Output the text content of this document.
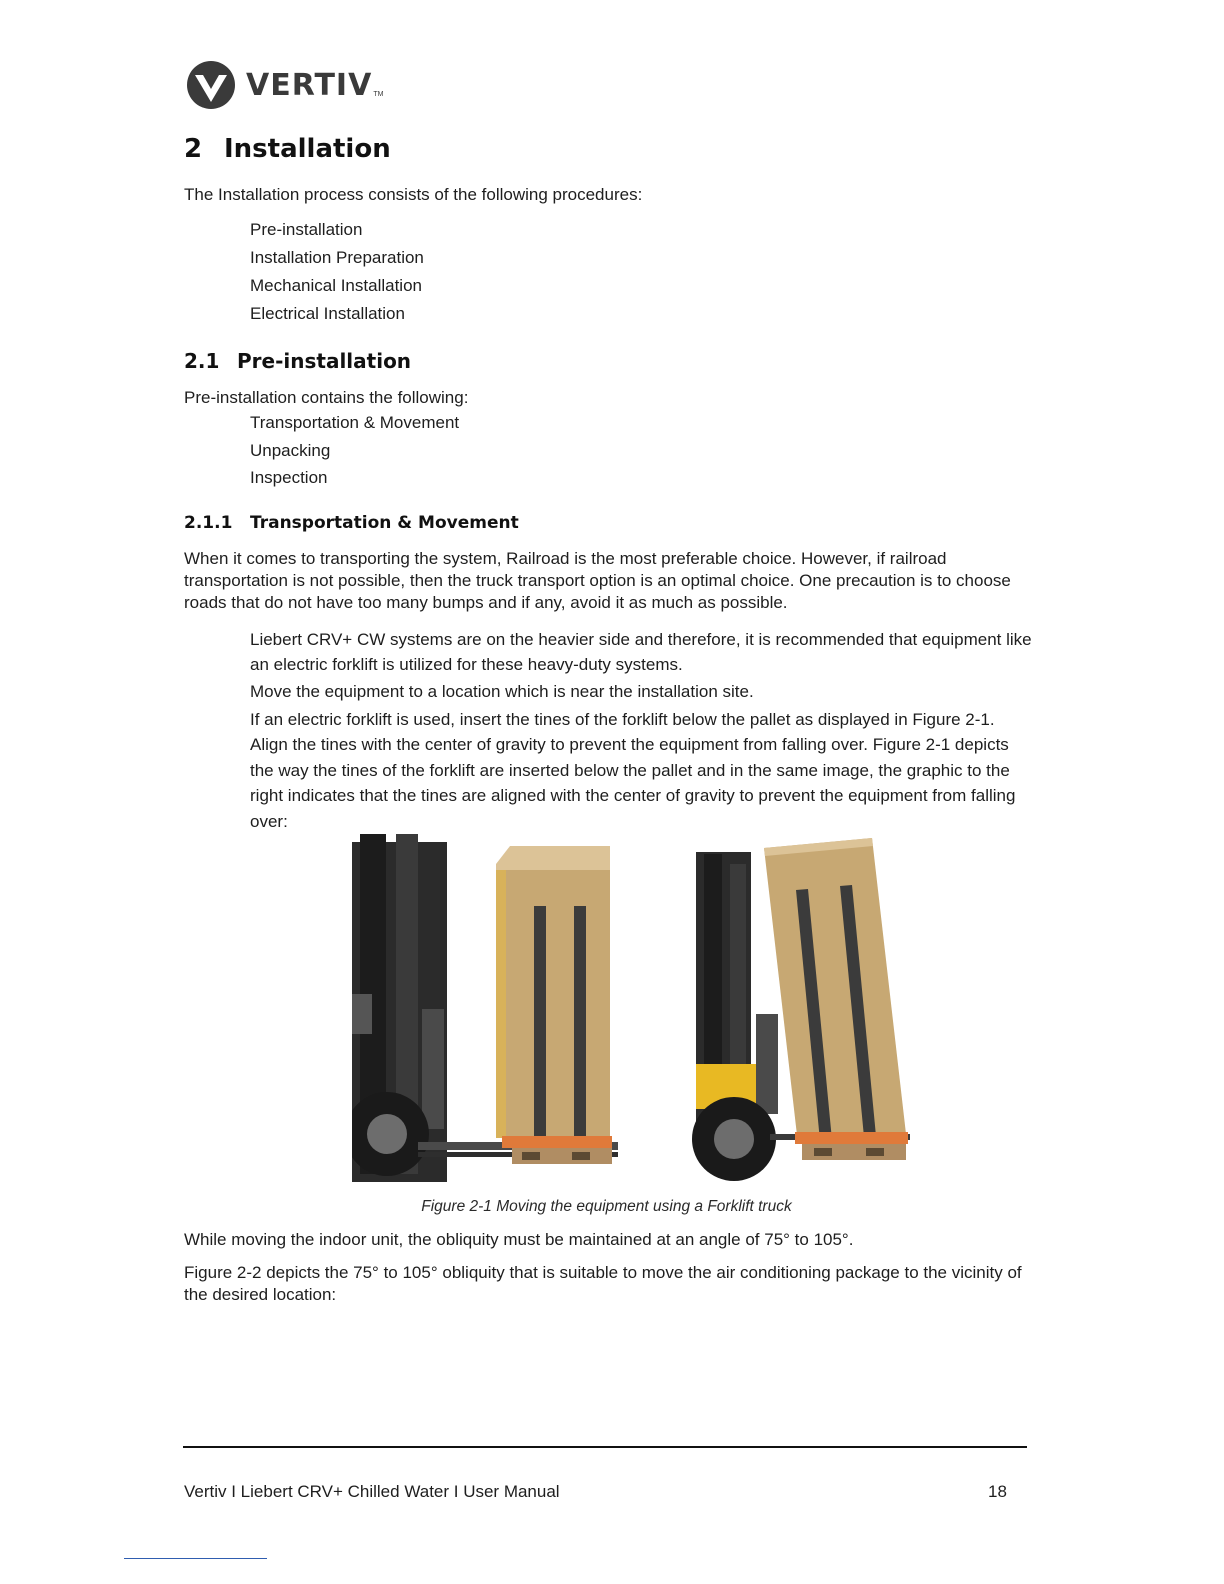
VERTIV TM
2 Installation
The Installation process consists of the following procedures:
Pre-installation
Installation Preparation
Mechanical Installation
Electrical Installation
2.1 Pre-installation
Pre-installation contains the following:
Transportation & Movement
Unpacking
Inspection
2.1.1 Transportation & Movement
When it comes to transporting the system, Railroad is the most preferable choice. However, if railroad transportation is not possible, then the truck transport option is an optimal choice. One precaution is to choose roads that do not have too many bumps and if any, avoid it as much as possible.
Liebert CRV+ CW systems are on the heavier side and therefore, it is recommended that equipment like an electric forklift is utilized for these heavy-duty systems.
Move the equipment to a location which is near the installation site.
If an electric forklift is used, insert the tines of the forklift below the pallet as displayed in Figure 2-1. Align the tines with the center of gravity to prevent the equipment from falling over. Figure 2-1 depicts the way the tines of the forklift are inserted below the pallet and in the same image, the graphic to the right indicates that the tines are aligned with the center of gravity to prevent the equipment from falling over:
Figure 2-1 Moving the equipment using a Forklift truck
While moving the indoor unit, the obliquity must be maintained at an angle of 75° to 105°.
Figure 2-2 depicts the 75° to 105° obliquity that is suitable to move the air conditioning package to the vicinity of the desired location:
Vertiv I Liebert CRV+ Chilled Water I User Manual	18
